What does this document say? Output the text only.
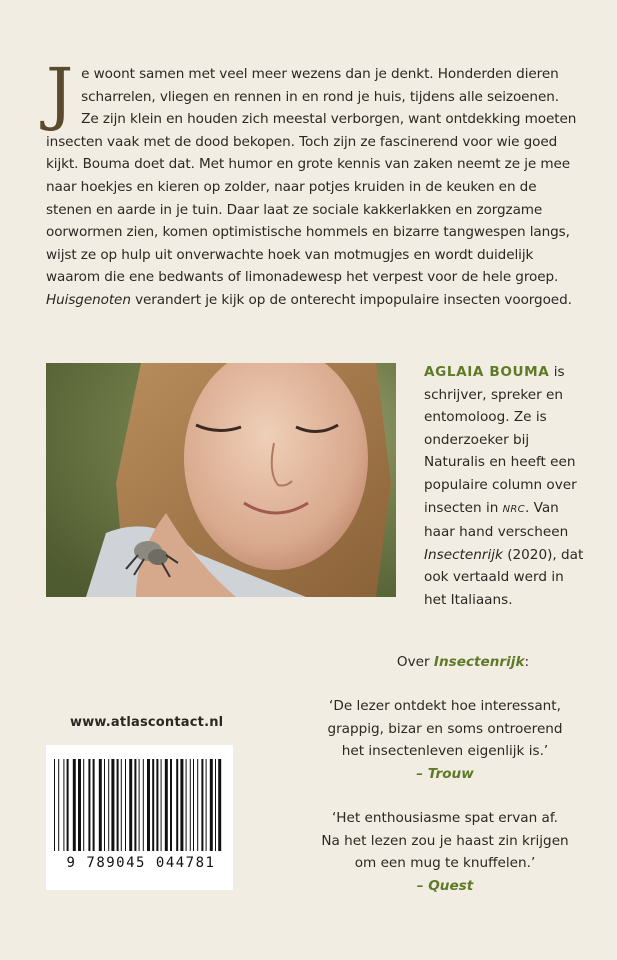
Je woont samen met veel meer wezens dan je denkt. Honderden dieren scharrelen, vliegen en rennen in en rond je huis, tijdens alle seizoenen. Ze zijn klein en houden zich meestal verborgen, want ontdekking moeten insecten vaak met de dood bekopen. Toch zijn ze fascinerend voor wie goed kijkt. Bouma doet dat. Met humor en grote kennis van zaken neemt ze je mee naar hoekjes en kieren op zolder, naar potjes kruiden in de keuken en de stenen en aarde in je tuin. Daar laat ze sociale kakkerlakken en zorgzame oorwormen zien, komen optimistische hommels en bizarre tangwespen langs, wijst ze op hulp uit onverwachte hoek van motmugjes en wordt duidelijk waarom die ene bedwants of limonadewesp het verpest voor de hele groep. Huisgenoten verandert je kijk op de onterecht impopulaire insecten voorgoed.

AGLAIA BOUMA is schrijver, spreker en entomoloog. Ze is onderzoeker bij Naturalis en heeft een populaire column over insecten in NRC. Van haar hand verscheen Insectenrijk (2020), dat ook vertaald werd in het Italiaans.
Over Insectenrijk:

‘De lezer ontdekt hoe interessant,
grappig, bizar en soms ontroerend
het insectenleven eigenlijk is.’
– Trouw

‘Het enthousiasme spat ervan af.
Na het lezen zou je haast zin krijgen
om een mug te knuffelen.’
– Quest

www.atlascontact.nl
9 789045 044781
